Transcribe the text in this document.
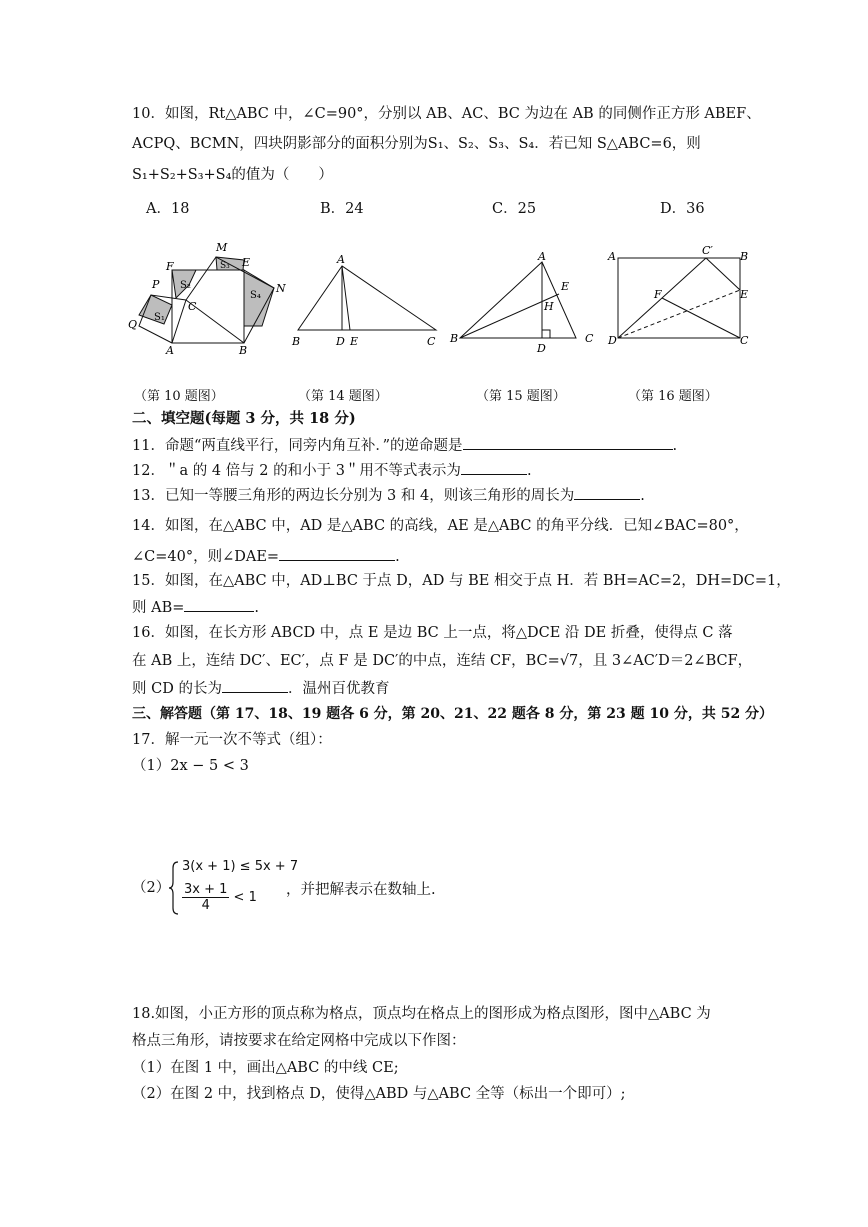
10．如图，Rt△ABC 中，∠C=90°，分别以 AB、AC、BC 为边在 AB 的同侧作正方形 ABEF、
ACPQ、BCMN，四块阴影部分的面积分别为S₁、S₂、S₃、S₄．若已知 S△ABC=6，则
S₁+S₂+S₃+S₄的值为（　　）
A．18	B．24	C．25	D．36
M
F	E
S₃
S₂
P
S₄
N
C
S₁
Q
A	B
A
B	D E	C
A
E
H
B
D
C
A	C′ B
F	E
D	C
（第 10 题图）	（第 14 题图）	（第 15 题图）	（第 16 题图）
二、填空题(每题 3 分，共 18 分)
11．命题“两直线平行，同旁内角互补．”的逆命题是	.
12．＂a 的 4 倍与 2 的和小于 3＂用不等式表示为	.
13．已知一等腰三角形的两边长分别为 3 和 4，则该三角形的周长为	.
14．如图，在△ABC 中，AD 是△ABC 的高线，AE 是△ABC 的角平分线．已知∠BAC=80°，
∠C=40°，则∠DAE=	.
15．如图，在△ABC 中，AD⊥BC 于点 D，AD 与 BE 相交于点 H．若 BH=AC=2，DH=DC=1，
则 AB=	.
16．如图，在长方形 ABCD 中，点 E 是边 BC 上一点，将△DCE 沿 DE 折叠，使得点 C 落
在 AB 上，连结 DC′、EC′，点 F 是 DC′的中点，连结 CF，BC=√7，且 3∠AC′D＝2∠BCF，
则 CD 的长为	．温州百优教育
三、解答题（第 17、18、19 题各 6 分，第 20、21、22 题各 8 分，第 23 题 10 分，共 52 分）
17．解一元一次不等式（组）：
（1）2x − 5 < 3
（2）
3(x + 1) ≤ 5x + 7
$\frac{3x + 1}{4} < 1$ ，并把解表示在数轴上.
18.如图，小正方形的顶点称为格点，顶点均在格点上的图形成为格点图形，图中△ABC 为
格点三角形，请按要求在给定网格中完成以下作图：
（1）在图 1 中，画出△ABC 的中线 CE;
（2）在图 2 中，找到格点 D，使得△ABD 与△ABC 全等（标出一个即可）;
